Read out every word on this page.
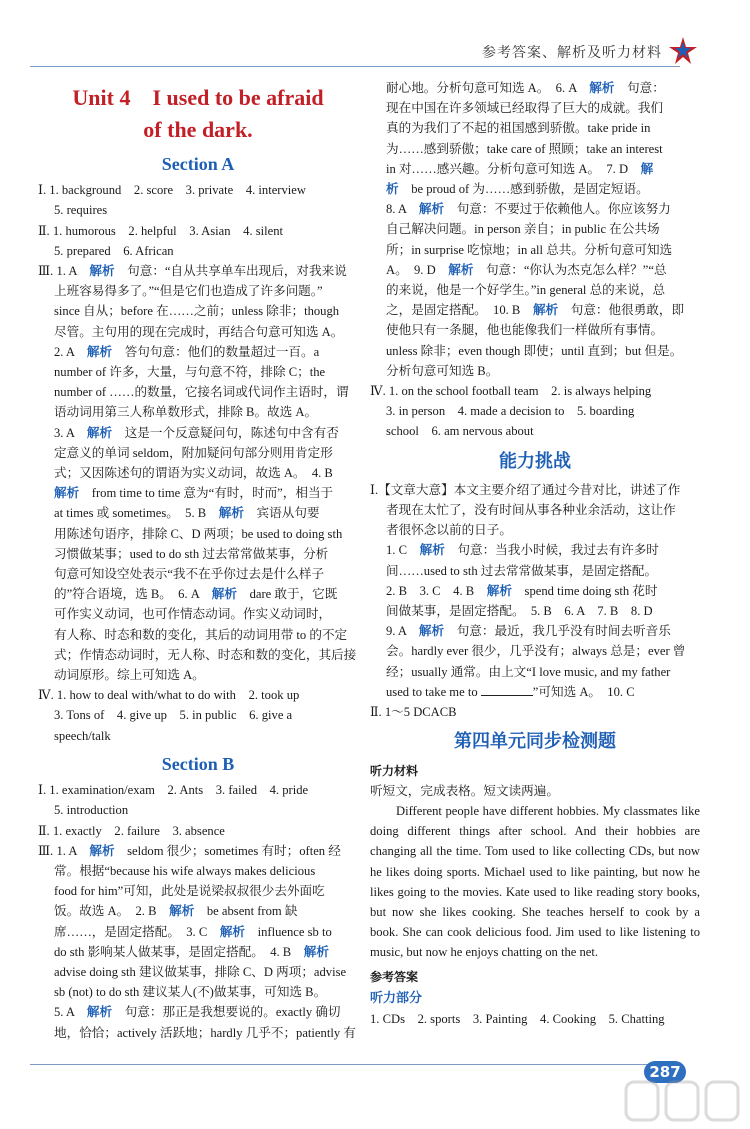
参考答案、解析及听力材料
Unit 4　I used to be afraid
of the dark.
Section A

Ⅰ. 1. background　2. score　3. private　4. interview

5. requires

Ⅱ. 1. humorous　2. helpful　3. Asian　4. silent

5. prepared　6. African

Ⅲ. 1. A　解析　句意：“自从共享单车出现后，对我来说

上班容易得多了。”“但是它们也造成了许多问题。”

since 自从；before 在……之前；unless 除非；though

尽管。主句用的现在完成时，再结合句意可知选 A。

2. A　解析　答句句意：他们的数量超过一百。a

number of 许多，大量，与句意不符，排除 C；the

number of ……的数量，它接名词或代词作主语时，谓

语动词用第三人称单数形式，排除 B。故选 A。

3. A　解析　这是一个反意疑问句，陈述句中含有否

定意义的单词 seldom，附加疑问句部分则用肯定形

式；又因陈述句的谓语为实义动词，故选 A。　4. B

解析　from time to time 意为“有时，时而”，相当于

at times 或 sometimes。　5. B　解析　宾语从句要

用陈述句语序，排除 C、D 两项；be used to doing sth

习惯做某事；used to do sth 过去常常做某事，分析

句意可知设空处表示“我不在乎你过去是什么样子

的”符合语境，选 B。　6. A　解析　dare 敢于，它既

可作实义动词，也可作情态动词。作实义动词时，

有人称、时态和数的变化，其后的动词用带 to 的不定

式；作情态动词时，无人称、时态和数的变化，其后接

动词原形。综上可知选 A。

Ⅳ. 1. how to deal with/what to do with　2. took up

3. Tons of　4. give up　5. in public　6. give a

speech/talk

Section B

Ⅰ. 1. examination/exam　2. Ants　3. failed　4. pride

5. introduction

Ⅱ. 1. exactly　2. failure　3. absence

Ⅲ. 1. A　解析　seldom 很少；sometimes 有时；often 经

常。根据“because his wife always makes delicious

food for him”可知，此处是说梁叔叔很少去外面吃

饭。故选 A。　2. B　解析　be absent from 缺

席……，是固定搭配。　3. C　解析　influence sb to

do sth 影响某人做某事，是固定搭配。　4. B　解析

advise doing sth 建议做某事，排除 C、D 两项；advise

sb (not) to do sth 建议某人(不)做某事，可知选 B。

5. A　解析　句意：那正是我想要说的。exactly 确切

地，恰恰；actively 活跃地；hardly 几乎不；patiently 有

耐心地。分析句意可知选 A。　6. A　解析　句意：

现在中国在许多领域已经取得了巨大的成就。我们

真的为我们了不起的祖国感到骄傲。take pride in

为……感到骄傲；take care of 照顾；take an interest

in 对……感兴趣。分析句意可知选 A。　7. D　解

析　be proud of 为……感到骄傲，是固定短语。

8. A　解析　句意：不要过于依赖他人。你应该努力

自己解决问题。in person 亲自；in public 在公共场

所；in surprise 吃惊地；in all 总共。分析句意可知选

A。　9. D　解析　句意：“你认为杰克怎么样？”“总

的来说，他是一个好学生。”in general 总的来说，总

之，是固定搭配。　10. B　解析　句意：他很勇敢，即

使他只有一条腿，他也能像我们一样做所有事情。

unless 除非；even though 即使；until 直到；but 但是。

分析句意可知选 B。

Ⅳ. 1. on the school football team　2. is always helping

3. in person　4. made a decision to　5. boarding

school　6. am nervous about

能力挑战

Ⅰ.【文章大意】本文主要介绍了通过今昔对比，讲述了作

者现在太忙了，没有时间从事各种业余活动，这让作

者很怀念以前的日子。

1. C　解析　句意：当我小时候，我过去有许多时

间……used to sth 过去常常做某事，是固定搭配。

2. B　3. C　4. B　解析　spend time doing sth 花时

间做某事，是固定搭配。　5. B　6. A　7. B　8. D

9. A　解析　句意：最近，我几乎没有时间去听音乐

会。hardly ever 很少，几乎没有；always 总是；ever 曾

经；usually 通常。由上文“I love music, and my father

used to take me to	”可知选 A。　10. C

Ⅱ. 1～5 DCACB

第四单元同步检测题

听力材料

听短文，完成表格。短文读两遍。

Different people have different hobbies. My classmates like doing different things after school. And their hobbies are changing all the time. Tom used to like collecting CDs, but now he likes doing sports. Michael used to like painting, but now he likes going to the movies. Kate used to like reading story books, but now she likes cooking. She teaches herself to cook by a book. She can cook delicious food. Jim used to like listening to music, but now he enjoys chatting on the net.

参考答案

听力部分

1. CDs　2. sports　3. Painting　4. Cooking　5. Chatting

287
